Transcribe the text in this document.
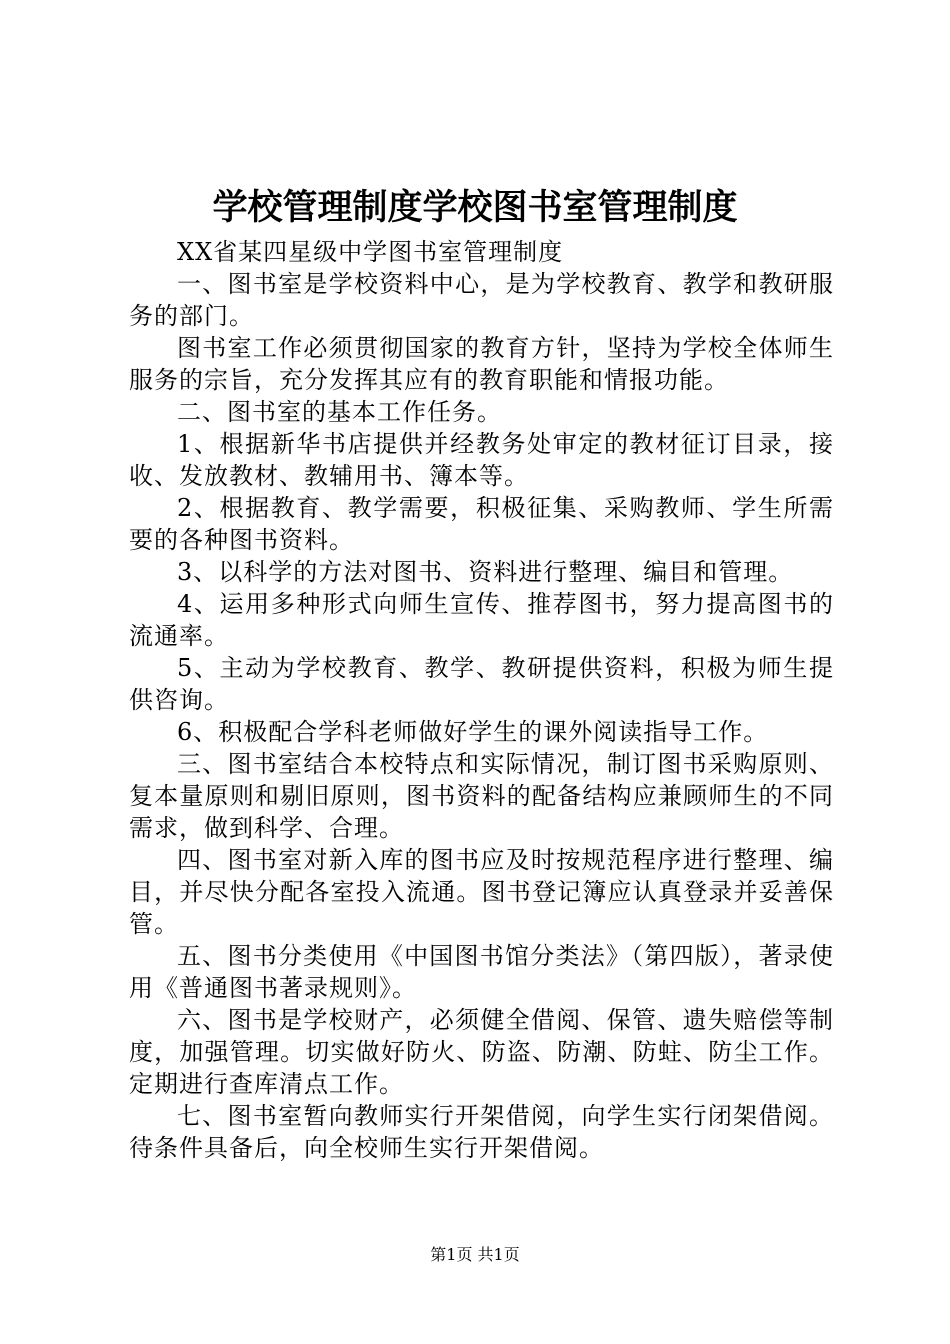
学校管理制度学校图书室管理制度

XX省某四星级中学图书室管理制度

一、图书室是学校资料中心，是为学校教育、教学和教研服务的部门。

图书室工作必须贯彻国家的教育方针，坚持为学校全体师生服务的宗旨，充分发挥其应有的教育职能和情报功能。

二、图书室的基本工作任务。

1、根据新华书店提供并经教务处审定的教材征订目录，接收、发放教材、教辅用书、簿本等。

2、根据教育、教学需要，积极征集、采购教师、学生所需要的各种图书资料。

3、以科学的方法对图书、资料进行整理、编目和管理。

4、运用多种形式向师生宣传、推荐图书，努力提高图书的流通率。

5、主动为学校教育、教学、教研提供资料，积极为师生提供咨询。

6、积极配合学科老师做好学生的课外阅读指导工作。

三、图书室结合本校特点和实际情况，制订图书采购原则、复本量原则和剔旧原则，图书资料的配备结构应兼顾师生的不同需求，做到科学、合理。

四、图书室对新入库的图书应及时按规范程序进行整理、编目，并尽快分配各室投入流通。图书登记簿应认真登录并妥善保管。

五、图书分类使用《中国图书馆分类法》（第四版），著录使用《普通图书著录规则》。

六、图书是学校财产，必须健全借阅、保管、遗失赔偿等制度，加强管理。切实做好防火、防盗、防潮、防蛀、防尘工作。定期进行查库清点工作。

七、图书室暂向教师实行开架借阅，向学生实行闭架借阅。待条件具备后，向全校师生实行开架借阅。

第1页 共1页
